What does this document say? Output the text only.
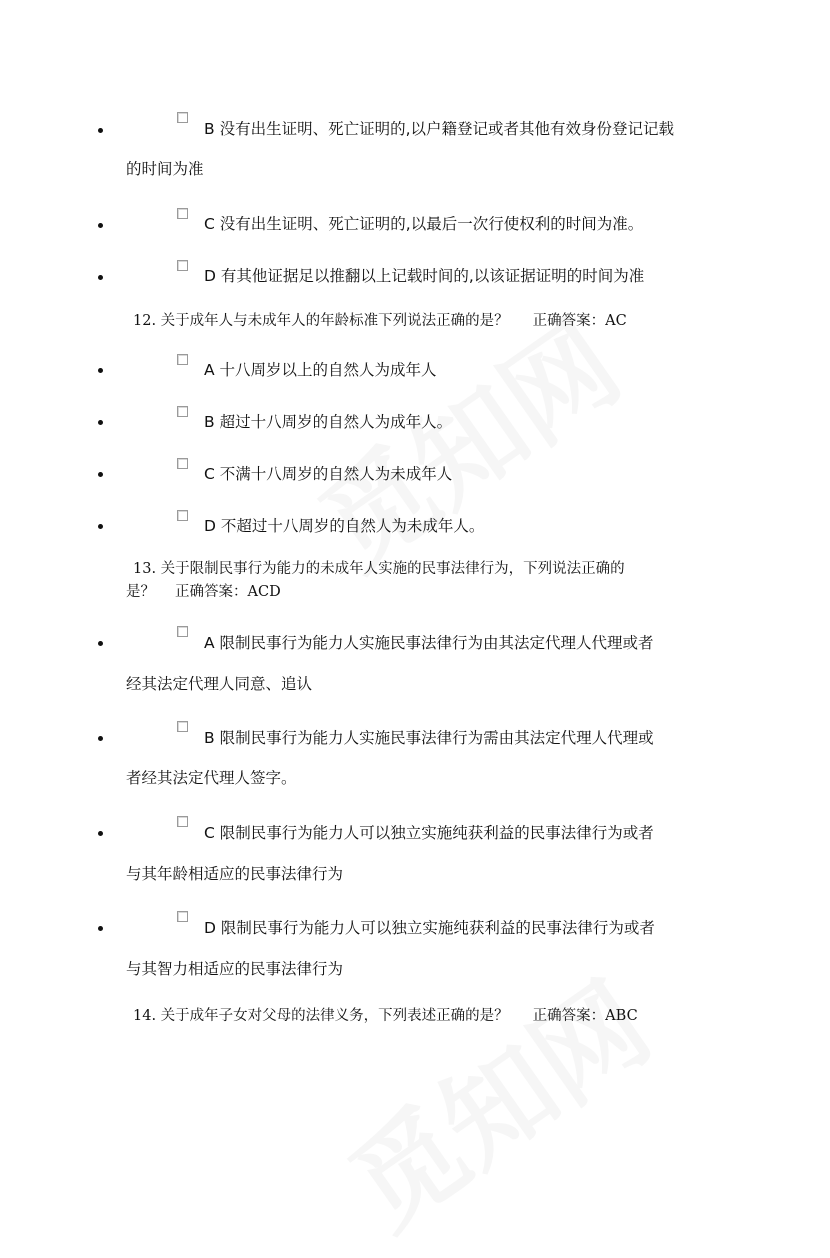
B 没有出生证明、死亡证明的,以户籍登记或者其他有效身份登记记载
的时间为准
C 没有出生证明、死亡证明的,以最后一次行使权利的时间为准。
D 有其他证据足以推翻以上记载时间的,以该证据证明的时间为准
12. 关于成年人与未成年人的年龄标准下列说法正确的是？ 正确答案：AC
A 十八周岁以上的自然人为成年人
B 超过十八周岁的自然人为成年人。
C 不满十八周岁的自然人为未成年人
D 不超过十八周岁的自然人为未成年人。
13. 关于限制民事行为能力的未成年人实施的民事法律行为，下列说法正确的
是？ 正确答案：ACD
A 限制民事行为能力人实施民事法律行为由其法定代理人代理或者
经其法定代理人同意、追认
B 限制民事行为能力人实施民事法律行为需由其法定代理人代理或
者经其法定代理人签字。
C 限制民事行为能力人可以独立实施纯获利益的民事法律行为或者
与其年龄相适应的民事法律行为
D 限制民事行为能力人可以独立实施纯获利益的民事法律行为或者
与其智力相适应的民事法律行为
14. 关于成年子女对父母的法律义务，下列表述正确的是？ 正确答案：ABC
